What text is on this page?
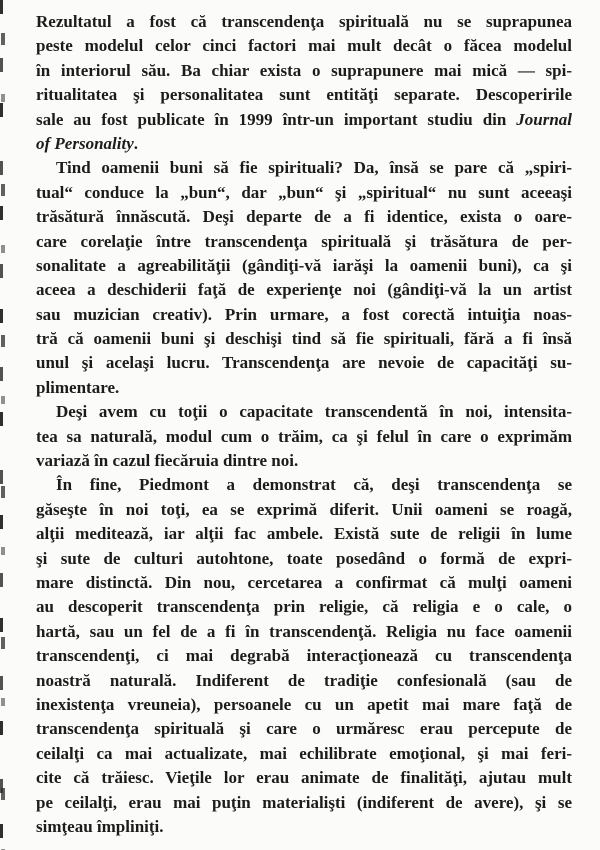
Rezultatul a fost că transcendenţa spirituală nu se suprapunea
peste modelul celor cinci factori mai mult decât o făcea modelul
în interiorul său. Ba chiar exista o suprapunere mai mică — spi-
ritualitatea şi personalitatea sunt entităţi separate. Descoperirile
sale au fost publicate în 1999 într-un important studiu din Journal
of Personality.
Tind oamenii buni să fie spirituali? Da, însă se pare că „spiri-
tual“ conduce la „bun“, dar „bun“ şi „spiritual“ nu sunt aceeaşi
trăsătură înnăscută. Deşi departe de a fi identice, exista o oare-
care corelaţie între transcendenţa spirituală şi trăsătura de per-
sonalitate a agreabilităţii (gândiţi-vă iarăşi la oamenii buni), ca şi
aceea a deschiderii faţă de experienţe noi (gândiţi-vă la un artist
sau muzician creativ). Prin urmare, a fost corectă intuiţia noas-
tră că oamenii buni şi deschişi tind să fie spirituali, fără a fi însă
unul şi acelaşi lucru. Transcendenţa are nevoie de capacităţi su-
plimentare.
Deşi avem cu toţii o capacitate transcendentă în noi, intensita-
tea sa naturală, modul cum o trăim, ca şi felul în care o exprimăm
variază în cazul fiecăruia dintre noi.
În fine, Piedmont a demonstrat că, deşi transcendenţa se
găseşte în noi toţi, ea se exprimă diferit. Unii oameni se roagă,
alţii meditează, iar alţii fac ambele. Există sute de religii în lume
şi sute de culturi autohtone, toate posedând o formă de expri-
mare distinctă. Din nou, cercetarea a confirmat că mulţi oameni
au descoperit transcendenţa prin religie, că religia e o cale, o
hartă, sau un fel de a fi în transcendenţă. Religia nu face oamenii
transcendenţi, ci mai degrabă interacţionează cu transcendenţa
noastră naturală. Indiferent de tradiţie confesională (sau de
inexistenţa vreuneia), persoanele cu un apetit mai mare faţă de
transcendenţa spirituală şi care o urmăresc erau percepute de
ceilalţi ca mai actualizate, mai echilibrate emoţional, şi mai feri-
cite că trăiesc. Vieţile lor erau animate de finalităţi, ajutau mult
pe ceilalţi, erau mai puţin materialişti (indiferent de avere), şi se
simţeau împliniţi.
